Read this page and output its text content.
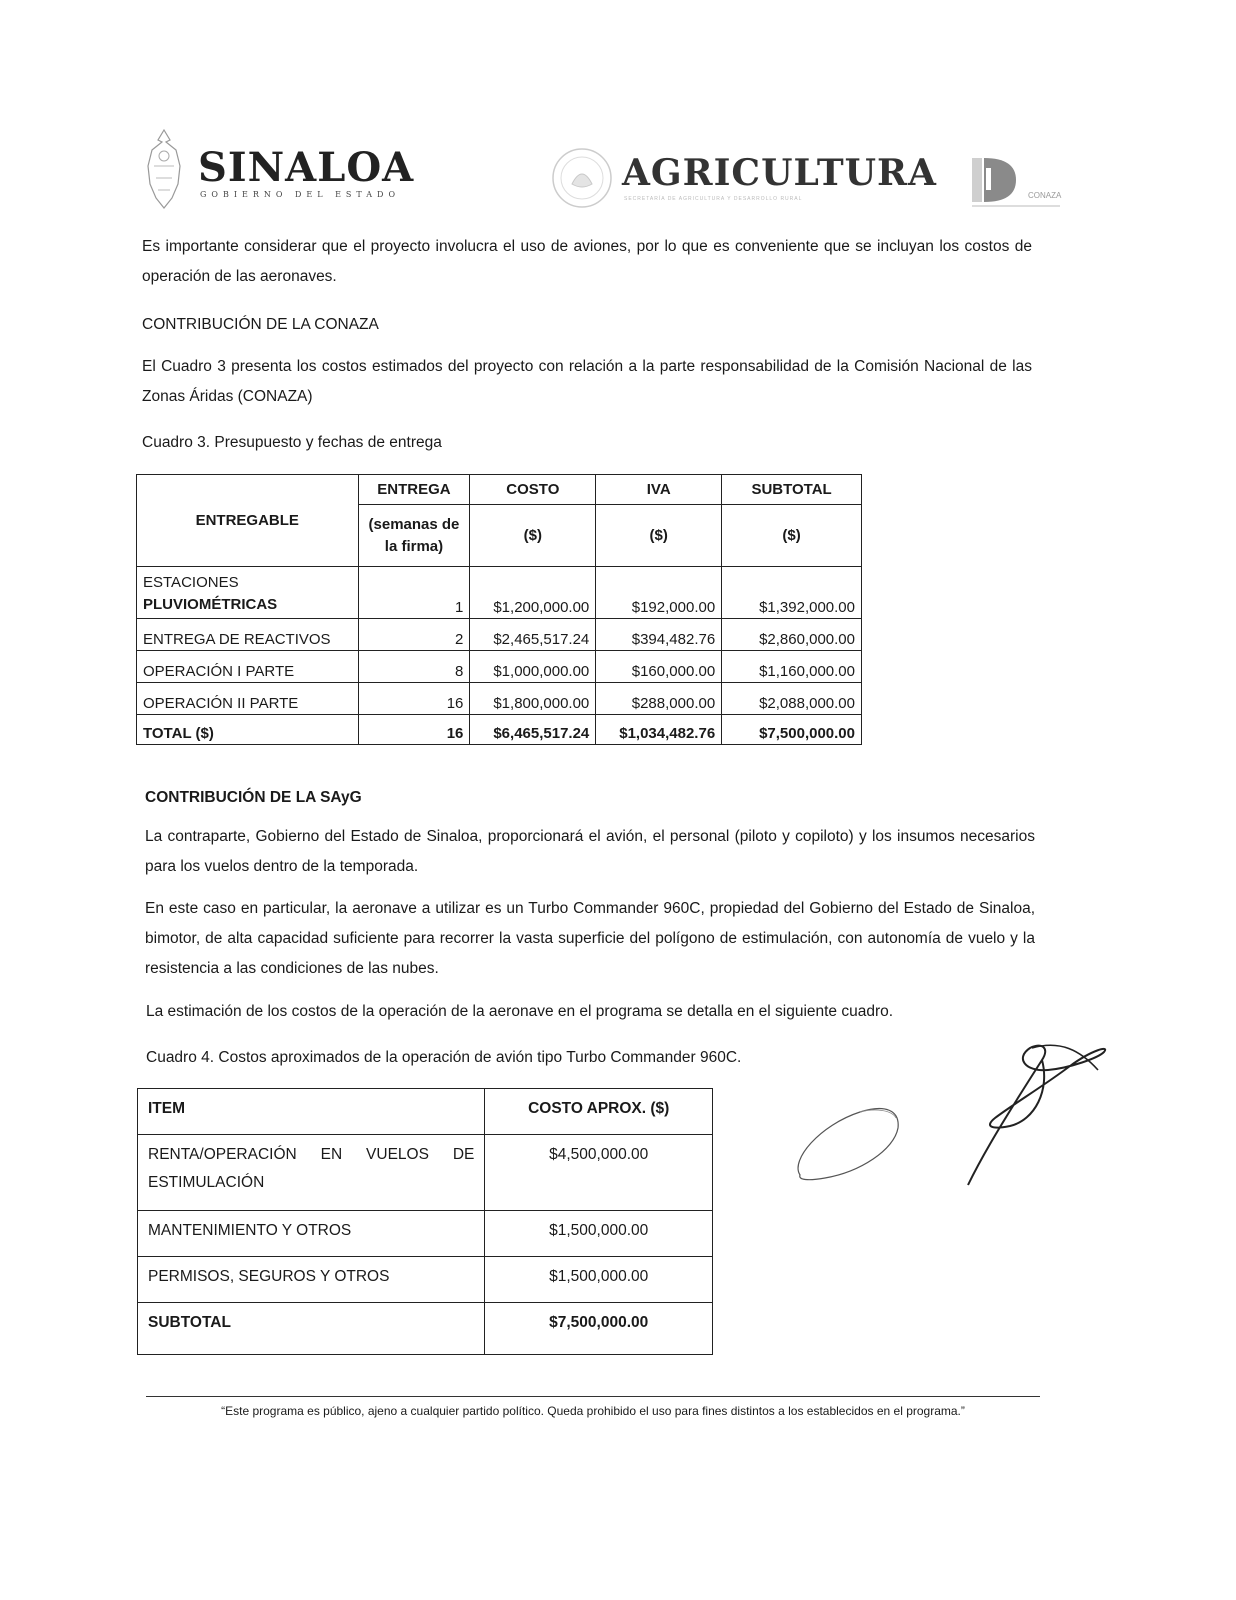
SINALOA
GOBIERNO DEL ESTADO
AGRICULTURA
SECRETARÍA DE AGRICULTURA Y DESARROLLO RURAL	CONAZA

Es importante considerar que el proyecto involucra el uso de aviones, por lo que es conveniente que se incluyan los costos de operación de las aeronaves.

CONTRIBUCIÓN DE LA CONAZA

El Cuadro 3 presenta los costos estimados del proyecto con relación a la parte responsabilidad de la Comisión Nacional de las Zonas Áridas (CONAZA)

Cuadro 3. Presupuesto y fechas de entrega
ENTREGABLE	ENTREGA	COSTO	IVA	SUBTOTAL
	(semanas de la firma)	($)	($)	($)
ESTACIONES
PLUVIOMÉTRICAS	1	$1,200,000.00	$192,000.00	$1,392,000.00
ENTREGA DE REACTIVOS	2	$2,465,517.24	$394,482.76	$2,860,000.00
OPERACIÓN I PARTE	8	$1,000,000.00	$160,000.00	$1,160,000.00
OPERACIÓN II PARTE	16	$1,800,000.00	$288,000.00	$2,088,000.00
TOTAL ($)	16	$6,465,517.24	$1,034,482.76	$7,500,000.00
CONTRIBUCIÓN DE LA SAyG

La contraparte, Gobierno del Estado de Sinaloa, proporcionará el avión, el personal (piloto y copiloto) y los insumos necesarios para los vuelos dentro de la temporada.

En este caso en particular, la aeronave a utilizar es un Turbo Commander 960C, propiedad del Gobierno del Estado de Sinaloa, bimotor, de alta capacidad suficiente para recorrer la vasta superficie del polígono de estimulación, con autonomía de vuelo y la resistencia a las condiciones de las nubes.

La estimación de los costos de la operación de la aeronave en el programa se detalla en el siguiente cuadro.

Cuadro 4. Costos aproximados de la operación de avión tipo Turbo Commander 960C.
ITEM	COSTO APROX. ($)
RENTA/OPERACIÓN EN VUELOS DE ESTIMULACIÓN	$4,500,000.00
MANTENIMIENTO Y OTROS	$1,500,000.00
PERMISOS, SEGUROS Y OTROS	$1,500,000.00
SUBTOTAL	$7,500,000.00
“Este programa es público, ajeno a cualquier partido político. Queda prohibido el uso para fines distintos a los establecidos en el programa.”
